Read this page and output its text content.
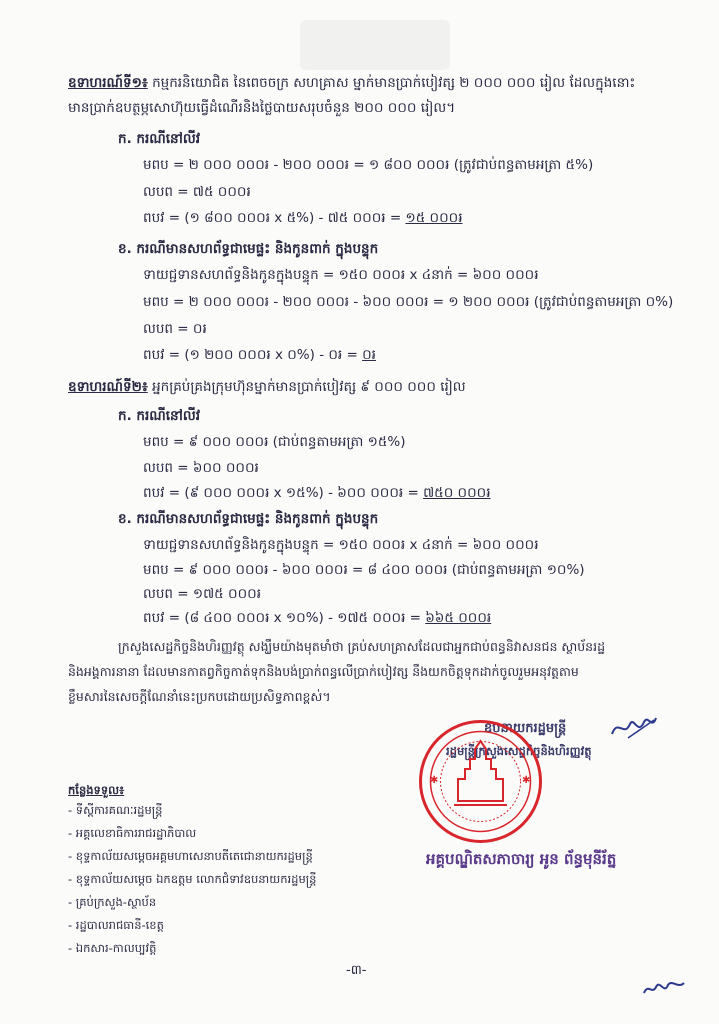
ឧទាហរណ៍ទី១៖ កម្មករនិយោជិត នៃពេចចក្រ សហគ្រាស ម្នាក់មានប្រាក់បៀវត្ស ២ ០០០ ០០០ រៀល ដែលក្នុងនោះ
មានប្រាក់ឧបត្ថម្ភសោហ៊ុយធ្វើដំណើរនិងថ្លៃបាយសរុបចំនួន ២០០ ០០០ រៀល។
ក. ករណីនៅលីវ
មពប = ២ ០០០ ០០០៛ - ២០០ ០០០៛ = ១ ៨០០ ០០០៛ (ត្រូវជាប់ពន្ធតាមអត្រា ៥%)
លបព = ៧៥ ០០០៛
ពបវ = (១ ៨០០ ០០០៛ x ៥%) - ៧៥ ០០០៛ = ១៥ ០០០៛
ខ. ករណីមានសហព័ទ្ធជាមេផ្ទះ និងកូនពាក់ ក្នុងបន្ទុក
ទាយជ្ជទានសហព័ទ្ធនិងកូនក្នុងបន្ទុក = ១៥០ ០០០៛ x ៤នាក់ = ៦០០ ០០០៛
មពប = ២ ០០០ ០០០៛ - ២០០ ០០០៛ - ៦០០ ០០០៛ = ១ ២០០ ០០០៛ (ត្រូវជាប់ពន្ធតាមអត្រា ០%)
លបព = ០៛
ពបវ = (១ ២០០ ០០០៛ x ០%) - ០៛ = ០៛
ឧទាហរណ៍ទី២៖ អ្នកគ្រប់គ្រងក្រុមហ៊ុនម្នាក់មានប្រាក់បៀវត្ស ៩ ០០០ ០០០ រៀល
ក. ករណីនៅលីវ
មពប = ៩ ០០០ ០០០៛ (ជាប់ពន្ធតាមអត្រា ១៥%)
លបព = ៦០០ ០០០៛
ពបវ = (៩ ០០០ ០០០៛ x ១៥%) - ៦០០ ០០០៛ = ៧៥០ ០០០៛
ខ. ករណីមានសហព័ទ្ធជាមេផ្ទះ និងកូនពាក់ ក្នុងបន្ទុក
ទាយជ្ជទានសហព័ទ្ធនិងកូនក្នុងបន្ទុក = ១៥០ ០០០៛ x ៤នាក់ = ៦០០ ០០០៛
មពប = ៩ ០០០ ០០០៛ - ៦០០ ០០០៛ = ៨ ៤០០ ០០០៛ (ជាប់ពន្ធតាមអត្រា ១០%)
លបព = ១៧៥ ០០០៛
ពបវ = (៨ ៤០០ ០០០៛ x ១០%) - ១៧៥ ០០០៛ = ៦៦៥ ០០០៛
ក្រសួងសេដ្ឋកិច្ចនិងហិរញ្ញវត្ថុ សង្ឃឹមយ៉ាងមុតមាំថា គ្រប់សហគ្រាសដែលជាអ្នកជាប់ពន្ធនិវាសនជន ស្ថាប័នរដ្ឋ
និងអង្គការនានា ដែលមានកាតព្វកិច្ចកាត់ទុកនិងបង់ប្រាក់ពន្ធលើប្រាក់បៀវត្ស នឹងយកចិត្តទុកដាក់ចូលរួមអនុវត្តតាម
ខ្លឹមសារនៃសេចក្តីណែនាំនេះប្រកបដោយប្រសិទ្ធភាពខ្ពស់។
ឧបនាយករដ្ឋមន្ត្រី
រដ្ឋមន្ត្រីក្រសួងសេដ្ឋកិច្ចនិងហិរញ្ញវត្ថុ
✱	✱
អគ្គបណ្ឌិតសភាចារ្យ អូន ព័ន្ធមុនីរ័ត្ន
កន្លែងទទួល៖
- ទីស្តីការគណៈរដ្ឋមន្ត្រី
- អគ្គលេខាធិការរាជរដ្ឋាភិបាល
- ខុទ្ទកាល័យសម្តេចអគ្គមហាសេនាបតីតេជោនាយករដ្ឋមន្ត្រី
- ខុទ្ទកាល័យសម្តេច ឯកឧត្តម លោកជំទាវឧបនាយករដ្ឋមន្ត្រី
- គ្រប់ក្រសួង-ស្ថាប័ន
- រដ្ឋបាលរាជធានី-ខេត្ត
- ឯកសារ-កាលប្បវត្តិ
-៣-
